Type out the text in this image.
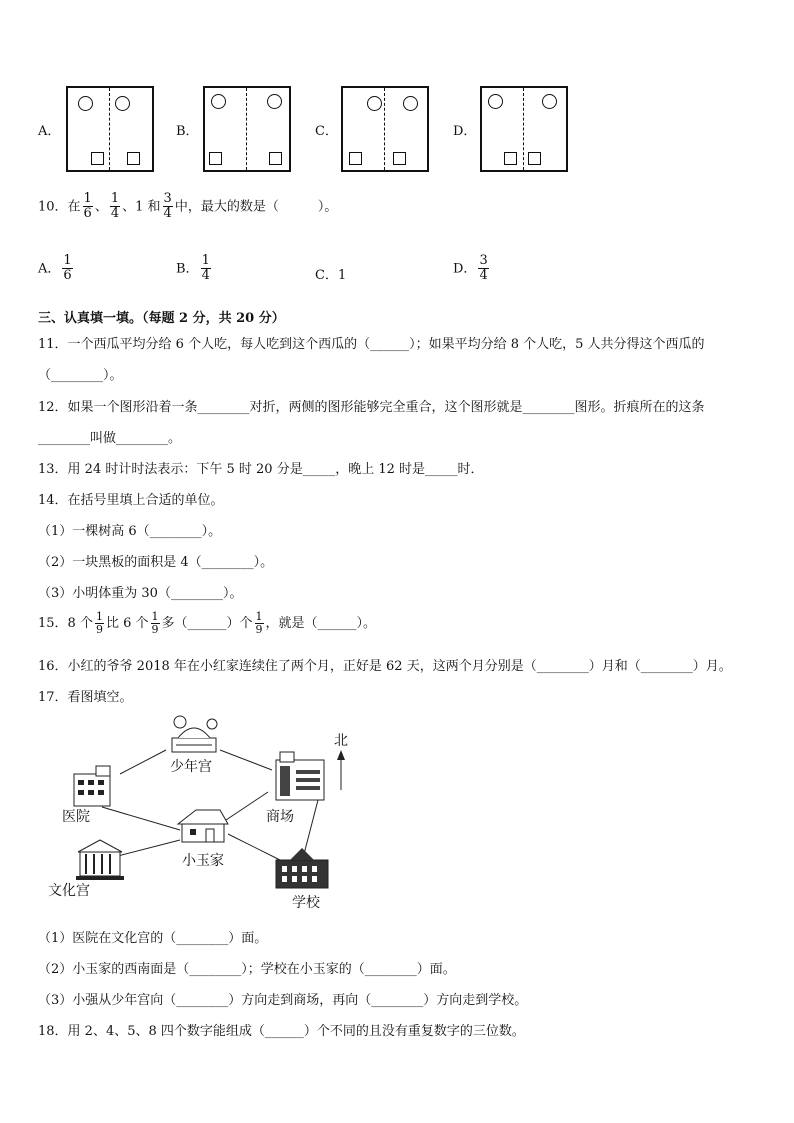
A．	B．	C．	D．
10．在 $\frac{1}{6}$ 、 $\frac{1}{4}$ 、1 和 $\frac{3}{4}$ 中，最大的数是（　　　）。
A． $\frac{1}{6}$	B． $\frac{1}{4}$	C．1	D． $\frac{3}{4}$
三、认真填一填。（每题 2 分，共 20 分）
11．一个西瓜平均分给 6 个人吃，每人吃到这个西瓜的（______）；如果平均分给 8 个人吃，5 人共分得这个西瓜的
（________）。
12．如果一个图形沿着一条________对折，两侧的图形能够完全重合，这个图形就是________图形。折痕所在的这条
________叫做________。
13．用 24 时计时法表示：下午 5 时 20 分是_____，晚上 12 时是_____时．
14．在括号里填上合适的单位。
（1）一棵树高 6（________）。
（2）一块黑板的面积是 4（________）。
（3）小明体重为 30（________）。
15．8 个 $\frac{1}{9}$ 比 6 个 $\frac{1}{9}$ 多（______）个 $\frac{1}{9}$ ，就是（______）。
16．小红的爷爷 2018 年在小红家连续住了两个月，正好是 62 天，这两个月分别是（________）月和（________）月。
17．看图填空。
北
少年宫
医院	商场
小玉家
文化宫
学校
（1）医院在文化宫的（________）面。
（2）小玉家的西南面是（________）；学校在小玉家的（________）面。
（3）小强从少年宫向（________）方向走到商场，再向（________）方向走到学校。
18．用 2、4、5、8 四个数字能组成（______）个不同的且没有重复数字的三位数。
